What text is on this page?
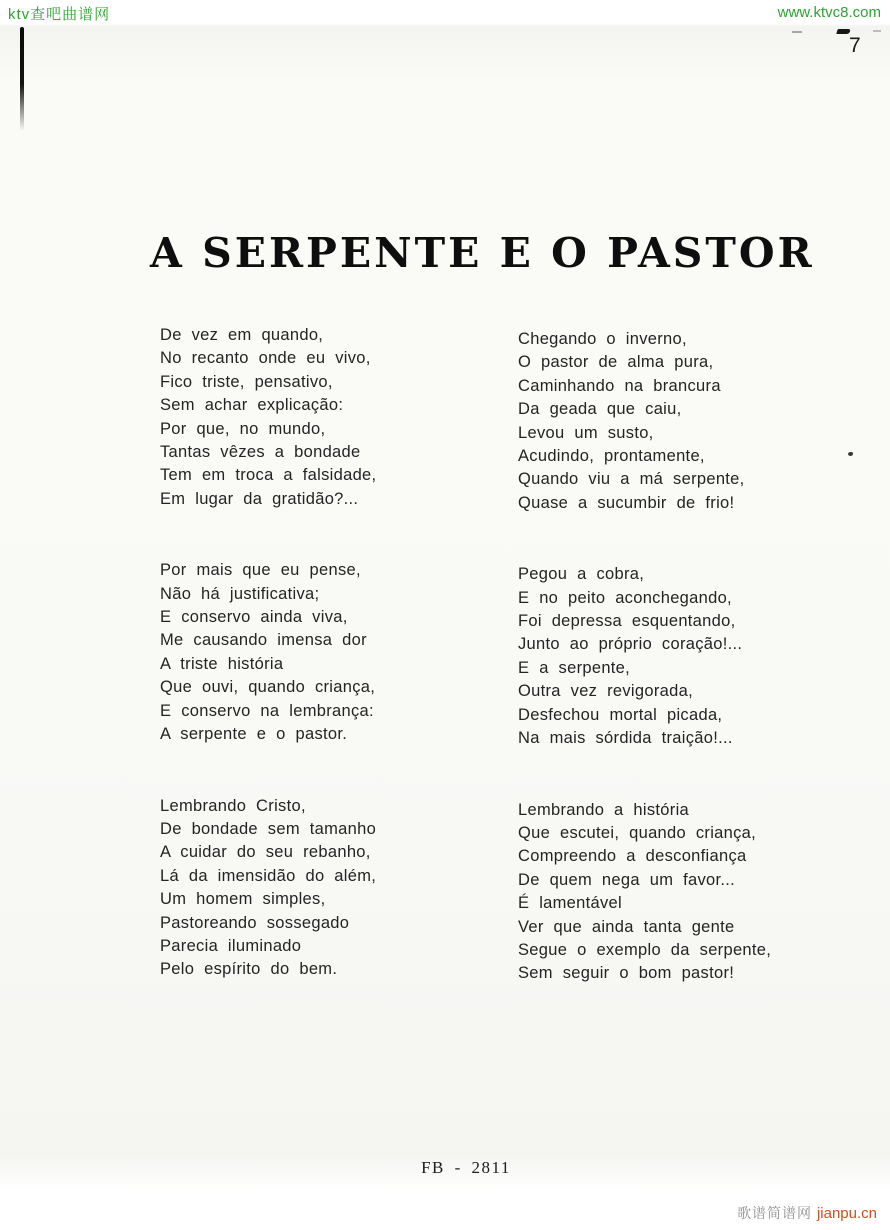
ktv查吧曲谱网	www.ktvc8.com
7
A SERPENTE E O PASTOR
De vez em quando,
No recanto onde eu vivo,
Fico triste, pensativo,
Sem achar explicação:
Por que, no mundo,
Tantas vêzes a bondade
Tem em troca a falsidade,
Em lugar da gratidão?...
Por mais que eu pense,
Não há justificativa;
E conservo ainda viva,
Me causando imensa dor
A triste história
Que ouvi, quando criança,
E conservo na lembrança:
A serpente e o pastor.
Lembrando Cristo,
De bondade sem tamanho
A cuidar do seu rebanho,
Lá da imensidão do além,
Um homem simples,
Pastoreando sossegado
Parecia iluminado
Pelo espírito do bem.
Chegando o inverno,
O pastor de alma pura,
Caminhando na brancura
Da geada que caiu,
Levou um susto,
Acudindo, prontamente,
Quando viu a má serpente,
Quase a sucumbir de frio!
Pegou a cobra,
E no peito aconchegando,
Foi depressa esquentando,
Junto ao próprio coração!...
E a serpente,
Outra vez revigorada,
Desfechou mortal picada,
Na mais sórdida traição!...
Lembrando a história
Que escutei, quando criança,
Compreendo a desconfiança
De quem nega um favor...
É lamentável
Ver que ainda tanta gente
Segue o exemplo da serpente,
Sem seguir o bom pastor!
FB - 2811
歌谱简谱网 jianpu.cn
